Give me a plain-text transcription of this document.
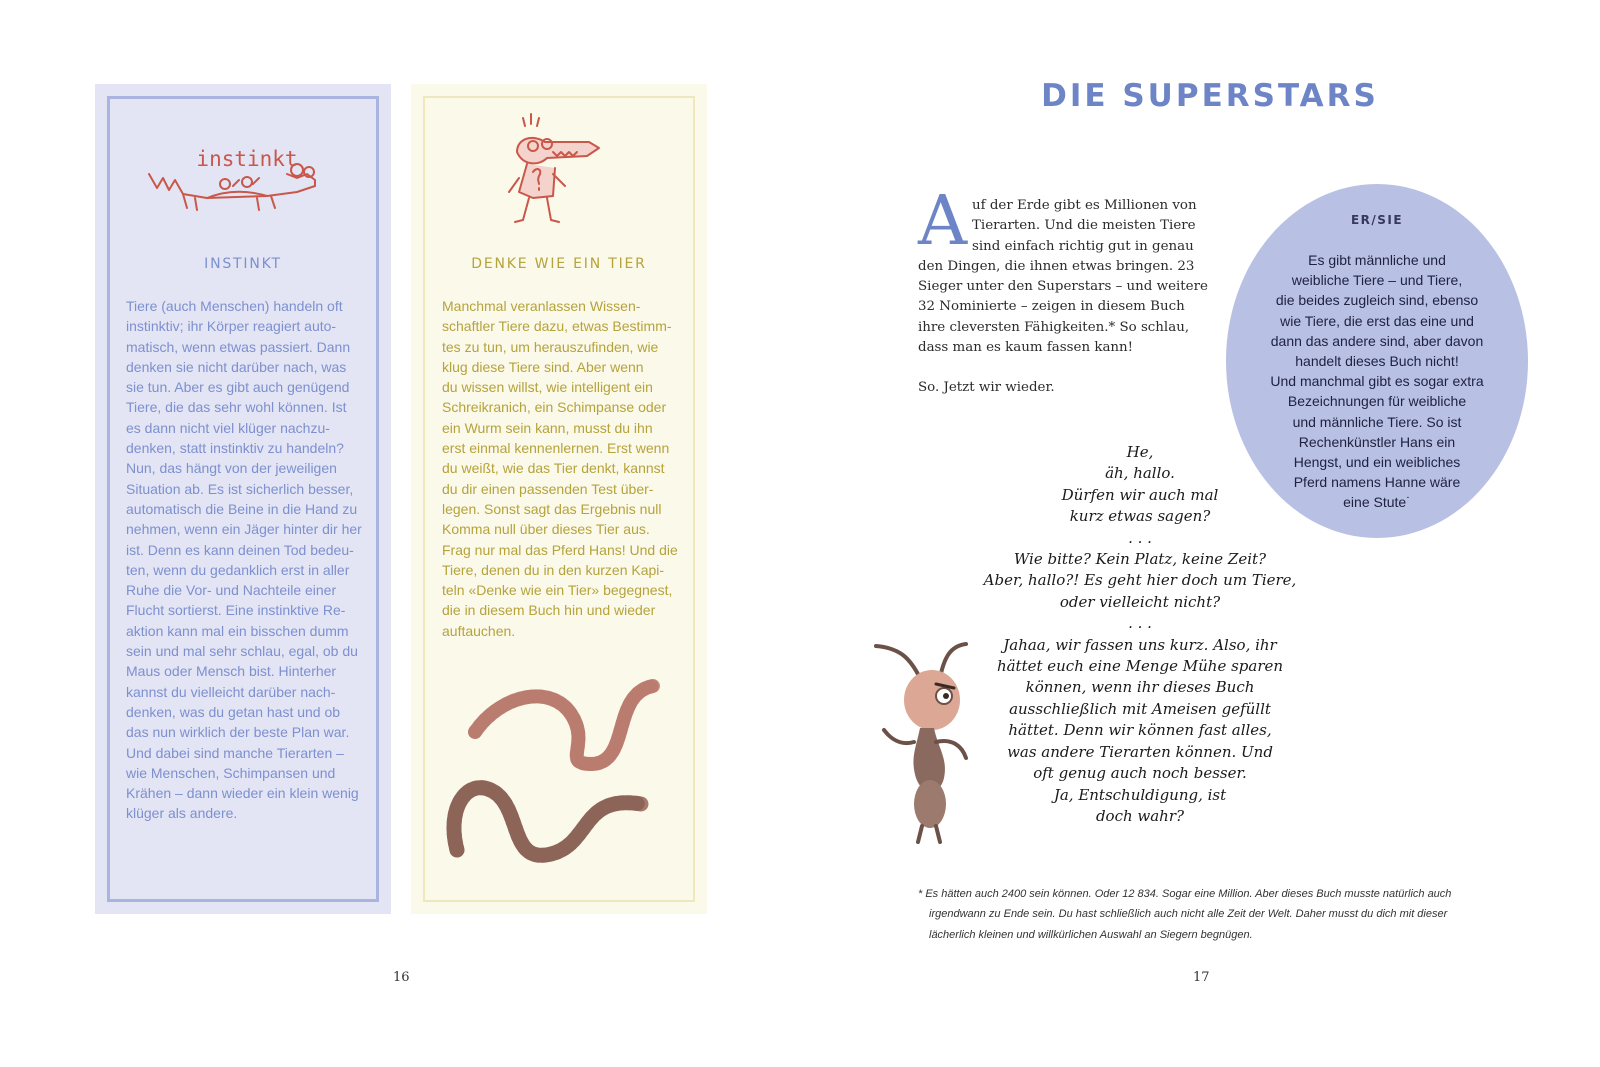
instinkt
INSTINKT
Tiere (auch Menschen) handeln oft
instinktiv; ihr Körper reagiert auto-
matisch, wenn etwas passiert. Dann
denken sie nicht darüber nach, was
sie tun. Aber es gibt auch genügend
Tiere, die das sehr wohl können. Ist
es dann nicht viel klüger nachzu-
denken, statt instinktiv zu handeln?
Nun, das hängt von der jeweiligen
Situation ab. Es ist sicherlich besser,
automatisch die Beine in die Hand zu
nehmen, wenn ein Jäger hinter dir her
ist. Denn es kann deinen Tod bedeu-
ten, wenn du gedanklich erst in aller
Ruhe die Vor- und Nachteile einer
Flucht sortierst. Eine instinktive Re-
aktion kann mal ein bisschen dumm
sein und mal sehr schlau, egal, ob du
Maus oder Mensch bist. Hinterher
kannst du vielleicht darüber nach-
denken, was du getan hast und ob
das nun wirklich der beste Plan war.
Und dabei sind manche Tierarten –
wie Menschen, Schimpansen und
Krähen – dann wieder ein klein wenig
klüger als andere.
DENKE WIE EIN TIER
Manchmal veranlassen Wissen-
schaftler Tiere dazu, etwas Bestimm-
tes zu tun, um herauszufinden, wie
klug diese Tiere sind. Aber wenn
du wissen willst, wie intelligent ein
Schreikranich, ein Schimpanse oder
ein Wurm sein kann, musst du ihn
erst einmal kennenlernen. Erst wenn
du weißt, wie das Tier denkt, kannst
du dir einen passenden Test über-
legen. Sonst sagt das Ergebnis null
Komma null über dieses Tier aus.
Frag nur mal das Pferd Hans! Und die
Tiere, denen du in den kurzen Kapi-
teln «Denke wie ein Tier» begegnest,
die in diesem Buch hin und wieder
auftauchen.
16
DIE SUPERSTARS
A uf der Erde gibt es Millionen von
Tierarten. Und die meisten Tiere
sind einfach richtig gut in genau
den Dingen, die ihnen etwas bringen. 23
Sieger unter den Superstars – und weitere
32 Nominierte – zeigen in diesem Buch
ihre cleversten Fähigkeiten.* So schlau,
dass man es kaum fassen kann!
So. Jetzt wir wieder.
ER/SIE
Es gibt männliche und
weibliche Tiere – und Tiere,
die beides zugleich sind, ebenso
wie Tiere, die erst das eine und
dann das andere sind, aber davon
handelt dieses Buch nicht!
Und manchmal gibt es sogar extra
Bezeichnungen für weibliche
und männliche Tiere. So ist
Rechenkünstler Hans ein
Hengst, und ein weibliches
Pferd namens Hanne wäre
eine Stute˙
He,
äh, hallo.
Dürfen wir auch mal
kurz etwas sagen?
. . .
Wie bitte? Kein Platz, keine Zeit?
Aber, hallo?! Es geht hier doch um Tiere,
oder vielleicht nicht?
. . .
Jahaa, wir fassen uns kurz. Also, ihr
hättet euch eine Menge Mühe sparen
können, wenn ihr dieses Buch
ausschließlich mit Ameisen gefüllt
hättet. Denn wir können fast alles,
was andere Tierarten können. Und
oft genug auch noch besser.
Ja, Entschuldigung, ist
doch wahr?
* Es hätten auch 2400 sein können. Oder 12 834. Sogar eine Million. Aber dieses Buch musste natürlich auch
irgendwann zu Ende sein. Du hast schließlich auch nicht alle Zeit der Welt. Daher musst du dich mit dieser
lächerlich kleinen und willkürlichen Auswahl an Siegern begnügen.
17
